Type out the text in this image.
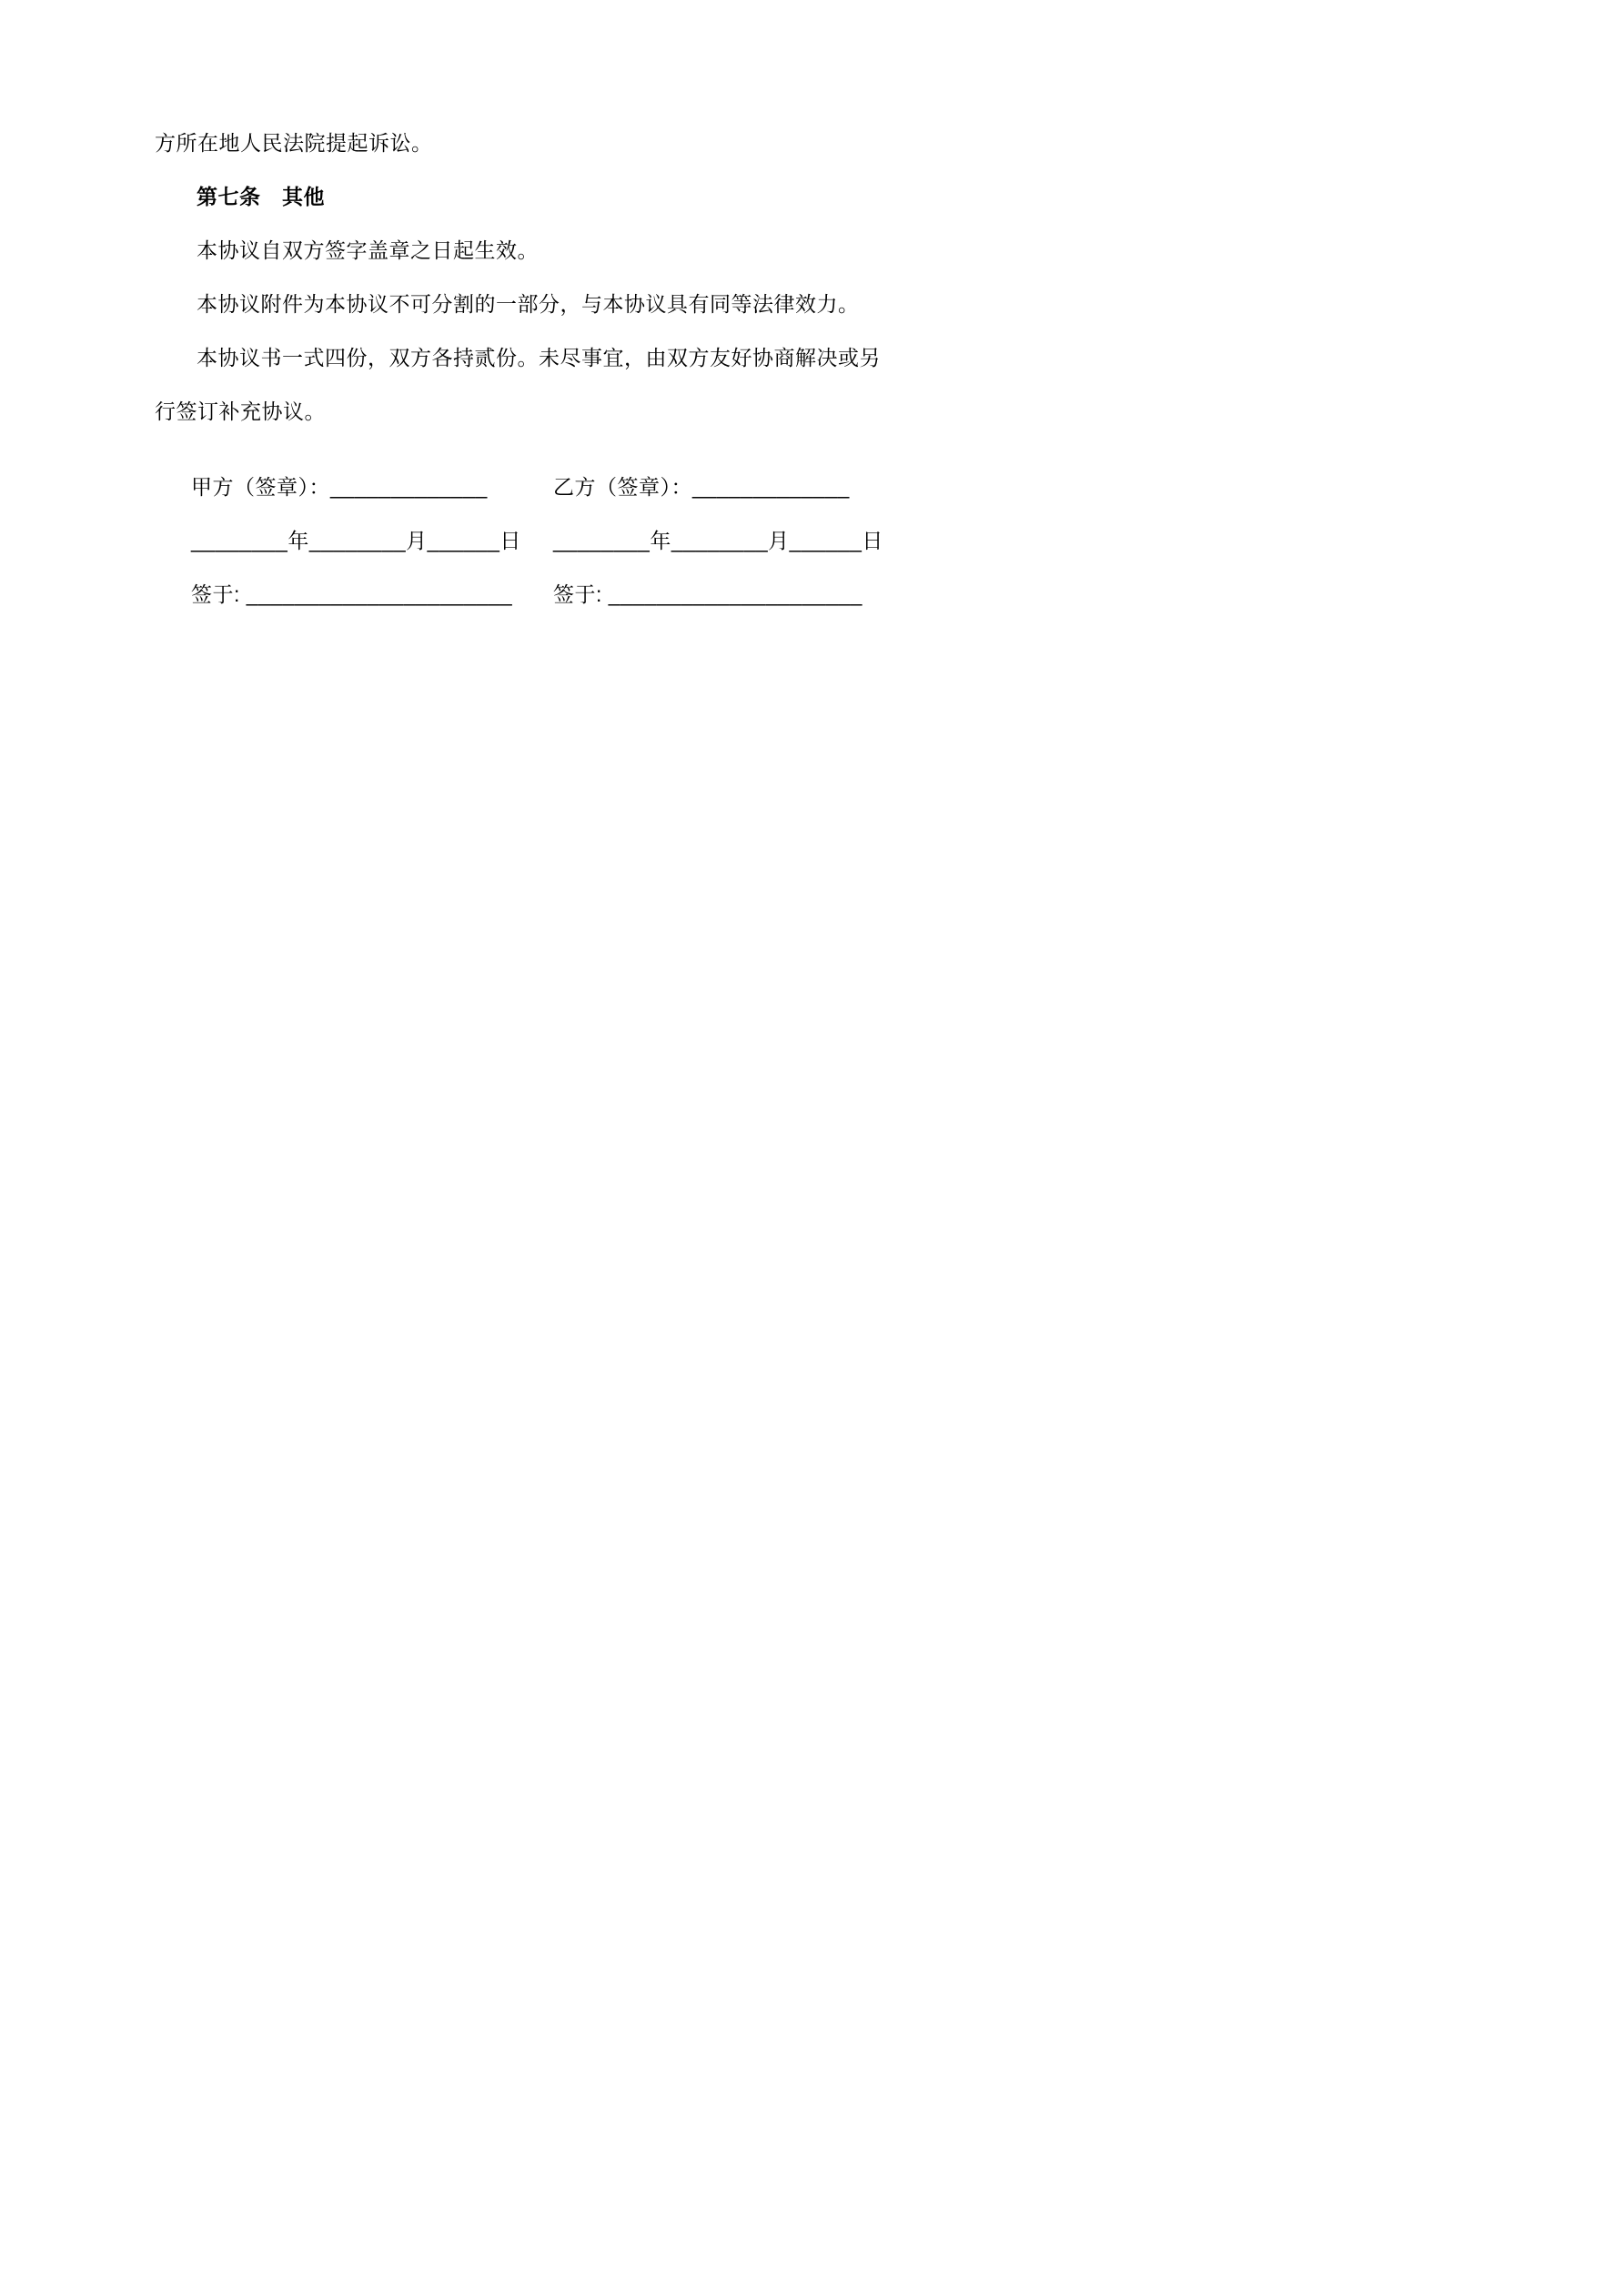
方所在地人民法院提起诉讼。

第七条　其他

本协议自双方签字盖章之日起生效。

本协议附件为本协议不可分割的一部分，与本协议具有同等法律效力。

本协议书一式四份，双方各持贰份。未尽事宜，由双方友好协商解决或另行签订补充协议。

甲方（签章）：_____________

________年________月______日

签于: ______________________

乙方（签章）：_____________

________年________月______日

签于: _____________________
